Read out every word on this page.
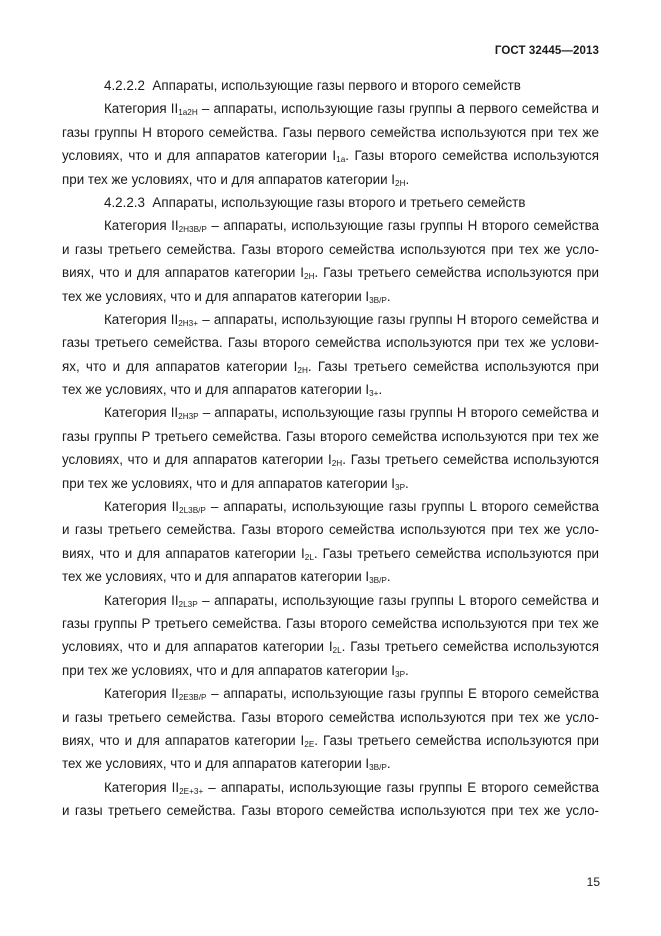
ГОСТ 32445—2013
4.2.2.2 Аппараты, использующие газы первого и второго семейств
Категория $II_{1a2H}$ – аппараты, использующие газы группы а первого семейства и
газы группы H второго семейства. Газы первого семейства используются при тех же
условиях, что и для аппаратов категории $I_{1a}$. Газы второго семейства используются
при тех же условиях, что и для аппаратов категории $I_{2H}$.
4.2.2.3 Аппараты, использующие газы второго и третьего семейств
Категория $II_{2H3B/P}$ – аппараты, использующие газы группы H второго семейства
и газы третьего семейства. Газы второго семейства используются при тех же усло-
виях, что и для аппаратов категории $I_{2H}$. Газы третьего семейства используются при
тех же условиях, что и для аппаратов категории $I_{3B/P}$.
Категория $II_{2H3+}$ – аппараты, использующие газы группы H второго семейства и
газы третьего семейства. Газы второго семейства используются при тех же услови-
ях, что и для аппаратов категории $I_{2H}$. Газы третьего семейства используются при
тех же условиях, что и для аппаратов категории $I_{3+}$.
Категория $II_{2H3P}$ – аппараты, использующие газы группы H второго семейства и
газы группы P третьего семейства. Газы второго семейства используются при тех же
условиях, что и для аппаратов категории $I_{2H}$. Газы третьего семейства используются
при тех же условиях, что и для аппаратов категории $I_{3P}$.
Категория $II_{2L3B/P}$ – аппараты, использующие газы группы L второго семейства
и газы третьего семейства. Газы второго семейства используются при тех же усло-
виях, что и для аппаратов категории $I_{2L}$. Газы третьего семейства используются при
тех же условиях, что и для аппаратов категории $I_{3B/P}$.
Категория $II_{2L3P}$ – аппараты, использующие газы группы L второго семейства и
газы группы P третьего семейства. Газы второго семейства используются при тех же
условиях, что и для аппаратов категории $I_{2L}$. Газы третьего семейства используются
при тех же условиях, что и для аппаратов категории $I_{3P}$.
Категория $II_{2E3B/P}$ – аппараты, использующие газы группы E второго семейства
и газы третьего семейства. Газы второго семейства используются при тех же усло-
виях, что и для аппаратов категории $I_{2E}$. Газы третьего семейства используются при
тех же условиях, что и для аппаратов категории $I_{3B/P}$.
Категория $II_{2E+3+}$ – аппараты, использующие газы группы E второго семейства
и газы третьего семейства. Газы второго семейства используются при тех же усло-
15
